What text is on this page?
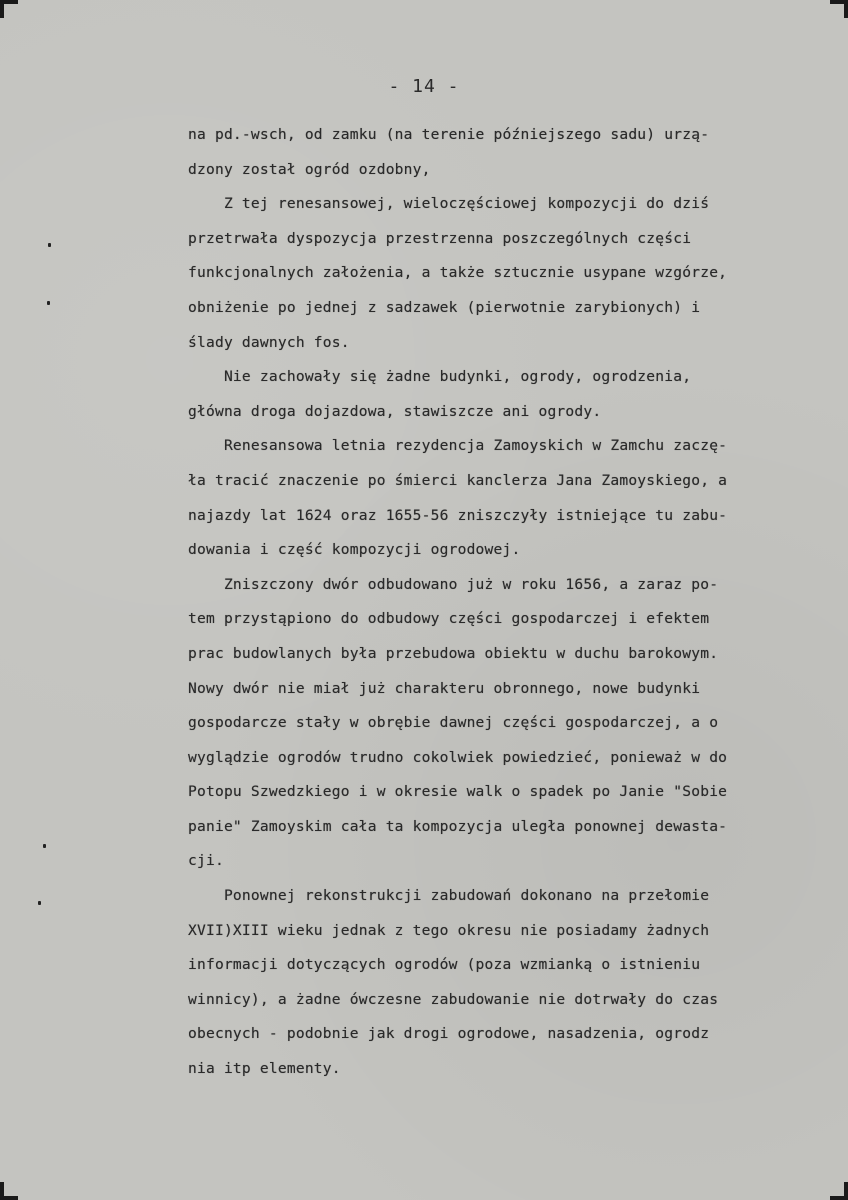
- 14 -
na pd.-wsch, od zamku (na terenie późniejszego sadu) urzą-
dzony został ogród ozdobny,
Z tej renesansowej, wieloczęściowej kompozycji do dziś
przetrwała dyspozycja przestrzenna poszczególnych części
funkcjonalnych założenia, a także sztucznie usypane wzgórze,
obniżenie po jednej z sadzawek (pierwotnie zarybionych) i
ślady dawnych fos.
Nie zachowały się żadne budynki, ogrody, ogrodzenia,
główna droga dojazdowa, stawiszcze ani ogrody.
Renesansowa letnia rezydencja Zamoyskich w Zamchu zaczę-
ła tracić znaczenie po śmierci kanclerza Jana Zamoyskiego, a
najazdy lat 1624 oraz 1655-56 zniszczyły istniejące tu zabu-
dowania i część kompozycji ogrodowej.
Zniszczony dwór odbudowano już w roku 1656, a zaraz po-
tem przystąpiono do odbudowy części gospodarczej i efektem
prac budowlanych była przebudowa obiektu w duchu barokowym.
Nowy dwór nie miał już charakteru obronnego, nowe budynki
gospodarcze stały w obrębie dawnej części gospodarczej, a o
wyglądzie ogrodów trudno cokolwiek powiedzieć, ponieważ w do
Potopu Szwedzkiego i w okresie walk o spadek po Janie "Sobie
panie" Zamoyskim cała ta kompozycja uległa ponownej dewasta-
cji.
Ponownej rekonstrukcji zabudowań dokonano na przełomie
XVII)XIII wieku jednak z tego okresu nie posiadamy żadnych
informacji dotyczących ogrodów (poza wzmianką o istnieniu
winnicy), a żadne ówczesne zabudowanie nie dotrwały do czas
obecnych - podobnie jak drogi ogrodowe, nasadzenia, ogrodz
nia itp elementy.
